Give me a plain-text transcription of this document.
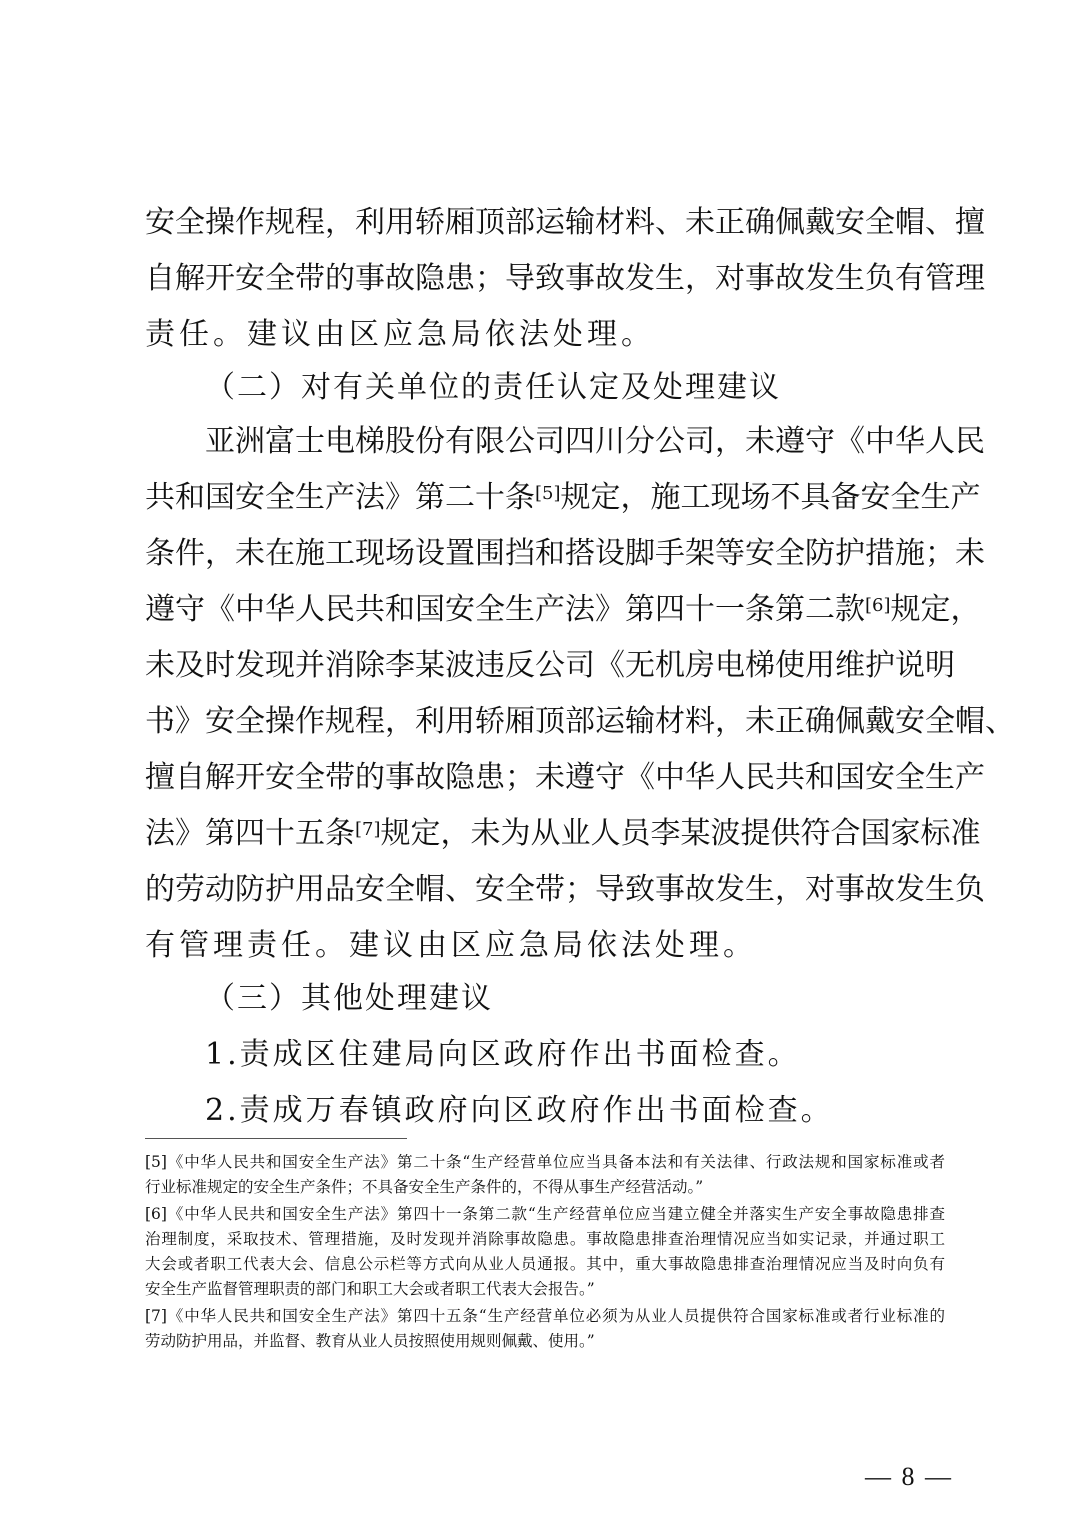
安全操作规程，利用轿厢顶部运输材料、未正确佩戴安全帽、擅
自解开安全带的事故隐患；导致事故发生，对事故发生负有管理
责任。建议由区应急局依法处理。
（二）对有关单位的责任认定及处理建议
亚洲富士电梯股份有限公司四川分公司，未遵守《中华人民
共和国安全生产法》第二十条[5]规定，施工现场不具备安全生产
条件，未在施工现场设置围挡和搭设脚手架等安全防护措施；未
遵守《中华人民共和国安全生产法》第四十一条第二款[6]规定，
未及时发现并消除李某波违反公司《无机房电梯使用维护说明
书》安全操作规程，利用轿厢顶部运输材料，未正确佩戴安全帽、
擅自解开安全带的事故隐患；未遵守《中华人民共和国安全生产
法》第四十五条[7]规定，未为从业人员李某波提供符合国家标准
的劳动防护用品安全帽、安全带；导致事故发生，对事故发生负
有管理责任。建议由区应急局依法处理。
（三）其他处理建议
1.责成区住建局向区政府作出书面检查。
2.责成万春镇政府向区政府作出书面检查。
[5]《中华人民共和国安全生产法》第二十条“生产经营单位应当具备本法和有关法律、行政法规和国家标准或者
行业标准规定的安全生产条件；不具备安全生产条件的，不得从事生产经营活动。”
[6]《中华人民共和国安全生产法》第四十一条第二款“生产经营单位应当建立健全并落实生产安全事故隐患排查
治理制度，采取技术、管理措施，及时发现并消除事故隐患。事故隐患排查治理情况应当如实记录，并通过职工
大会或者职工代表大会、信息公示栏等方式向从业人员通报。其中，重大事故隐患排查治理情况应当及时向负有
安全生产监督管理职责的部门和职工大会或者职工代表大会报告。”
[7]《中华人民共和国安全生产法》第四十五条“生产经营单位必须为从业人员提供符合国家标准或者行业标准的
劳动防护用品，并监督、教育从业人员按照使用规则佩戴、使用。”
— 8 —
